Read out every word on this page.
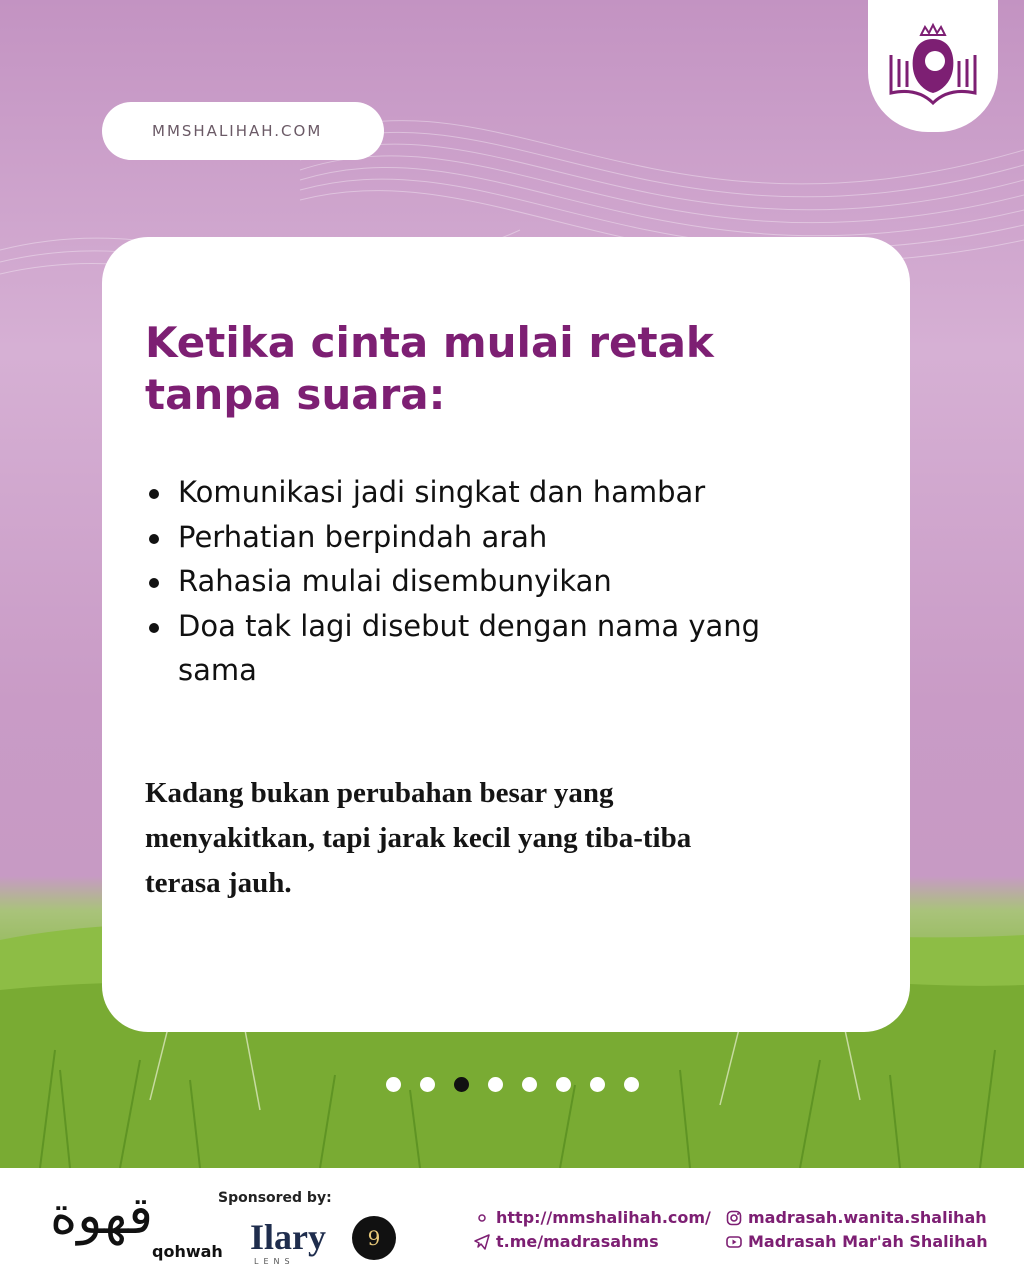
MMSHALIHAH.COM
Ketika cinta mulai retak tanpa suara:
Komunikasi jadi singkat dan hambar
Perhatian berpindah arah
Rahasia mulai disembunyikan
Doa tak lagi disebut dengan nama yang sama

Kadang bukan perubahan besar yang menyakitkan, tapi jarak kecil yang tiba-tiba terasa jauh.

قهوة
qohwah
Sponsored by:
Ilary
LENS
9
http://mmshalihah.com/
t.me/madrasahms
madrasah.wanita.shalihah
Madrasah Mar'ah Shalihah
